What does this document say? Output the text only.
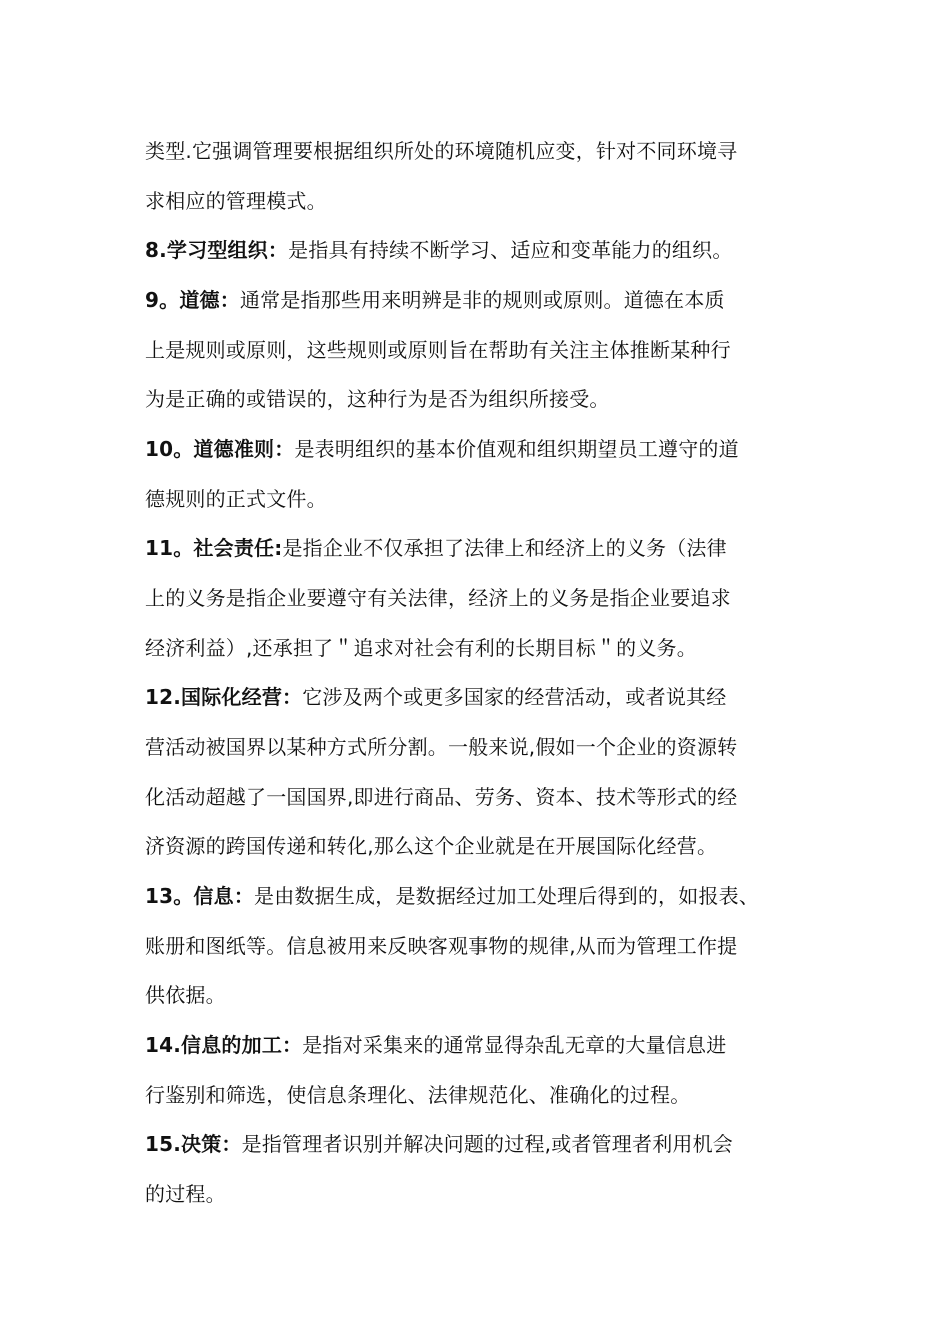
类型.它强调管理要根据组织所处的环境随机应变，针对不同环境寻
求相应的管理模式。
8.学习型组织：是指具有持续不断学习、适应和变革能力的组织。
9。道德：通常是指那些用来明辨是非的规则或原则。道德在本质
上是规则或原则，这些规则或原则旨在帮助有关注主体推断某种行
为是正确的或错误的，这种行为是否为组织所接受。
10。道德准则：是表明组织的基本价值观和组织期望员工遵守的道
德规则的正式文件。
11。社会责任:是指企业不仅承担了法律上和经济上的义务（法律
上的义务是指企业要遵守有关法律，经济上的义务是指企业要追求
经济利益）,还承担了＂追求对社会有利的长期目标＂的义务。
12.国际化经营：它涉及两个或更多国家的经营活动，或者说其经
营活动被国界以某种方式所分割。一般来说,假如一个企业的资源转
化活动超越了一国国界,即进行商品、劳务、资本、技术等形式的经
济资源的跨国传递和转化,那么这个企业就是在开展国际化经营。
13。信息：是由数据生成，是数据经过加工处理后得到的，如报表、
账册和图纸等。信息被用来反映客观事物的规律,从而为管理工作提
供依据。
14.信息的加工：是指对采集来的通常显得杂乱无章的大量信息进
行鉴别和筛选，使信息条理化、法律规范化、准确化的过程。
15.决策：是指管理者识别并解决问题的过程,或者管理者利用机会
的过程。
